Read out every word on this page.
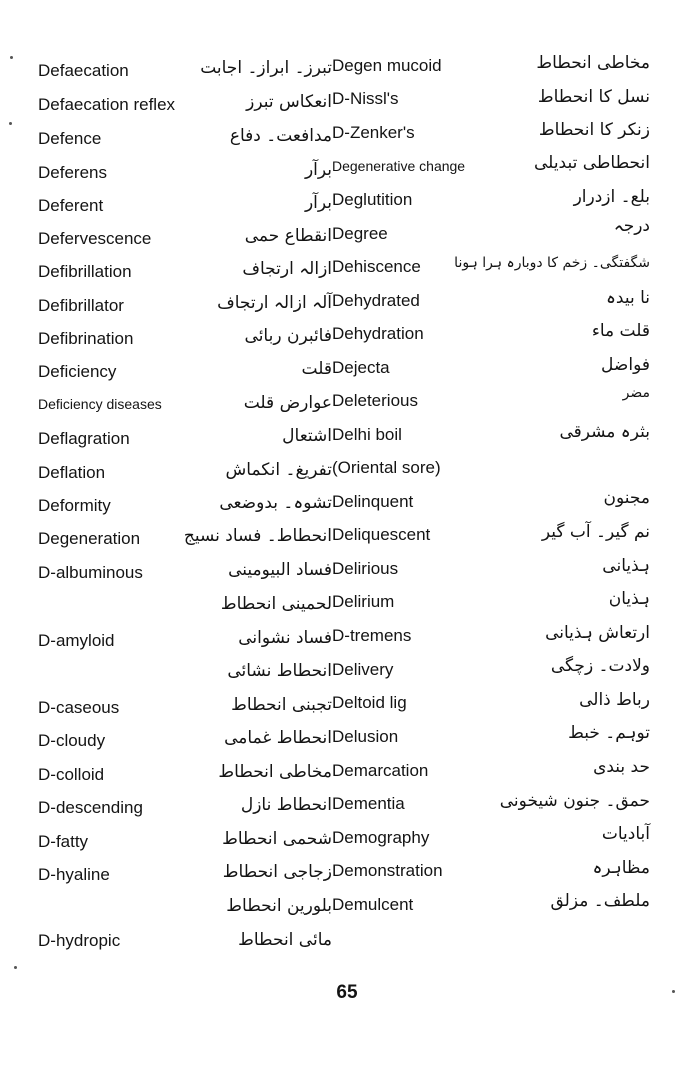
Defaecation
Defaecation reflex
Defence
Deferens
Deferent
Defervescence
Defibrillation
Defibrillator
Defibrination
Deficiency
Deficiency diseases
Deflagration
Deflation
Deformity
Degeneration
D-albuminous
D-amyloid
D-caseous
D-cloudy
D-colloid
D-descending
D-fatty
D-hyaline
D-hydropic
تبرز۔ ابراز۔ اجابت
انعکاس تبرز
مدافعت۔ دفاع
برآر
برآر
انقطاع حمی
ازالہ ارتجاف
آلہ ازالہ ارتجاف
فائبرن ربائی
قلت
عوارض قلت
اشتعال
تفریغ۔ انکماش
تشوہ۔ بدوضعی
انحطاط۔ فساد نسیج
فساد البیومینی
لحمینی انحطاط
فساد نشوانی
انحطاط نشائی
تجبنی انحطاط
انحطاط غمامی
مخاطی انحطاط
انحطاط نازل
شحمی انحطاط
زجاجی انحطاط
بلورین انحطاط
مائی انحطاط
Degen mucoid
D-Nissl's
D-Zenker's
Degenerative change
Deglutition
Degree
Dehiscence
Dehydrated
Dehydration
Dejecta
Deleterious
Delhi boil
(Oriental sore)
Delinquent
Deliquescent
Delirious
Delirium
D-tremens
Delivery
Deltoid lig
Delusion
Demarcation
Dementia
Demography
Demonstration
Demulcent
مخاطی انحطاط
نسل کا انحطاط
زنکر کا انحطاط
انحطاطی تبدیلی
بلع۔ ازدرار
درجہ
شگفتگی۔ زخم کا دوبارہ ہرا ہونا
نا بیدہ
قلت ماء
فواضل
مضر
بثرہ مشرقی
مجنون
نم گیر۔ آب گیر
ہذیانی
ہذیان
ارتعاش ہذیانی
ولادت۔ زچگی
رباط ذالی
توہم۔ خبط
حد بندی
حمق۔ جنون شیخونی
آبادیات
مظاہرہ
ملطف۔ مزلق
65
